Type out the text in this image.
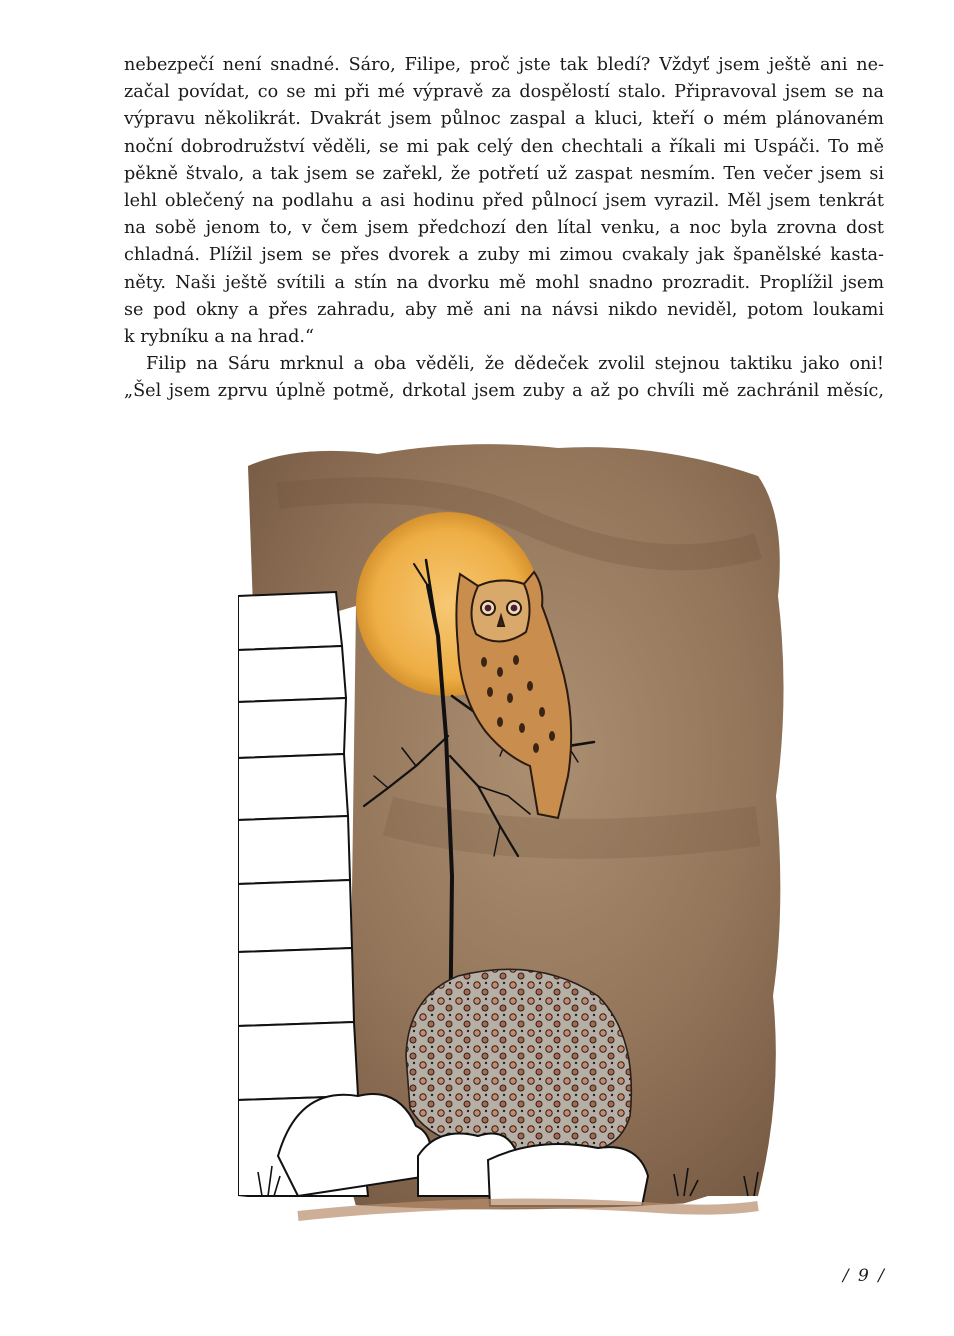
nebezpečí není snadné. Sáro, Filipe, proč jste tak bledí? Vždyť jsem ještě ani ne-
začal povídat, co se mi při mé výpravě za dospělostí stalo. Připravoval jsem se na
výpravu několikrát. Dvakrát jsem půlnoc zaspal a kluci, kteří o mém plánovaném
noční dobrodružství věděli, se mi pak celý den chechtali a říkali mi Uspáči. To mě
pěkně štvalo, a tak jsem se zařekl, že potřetí už zaspat nesmím. Ten večer jsem si
lehl oblečený na podlahu a asi hodinu před půlnocí jsem vyrazil. Měl jsem tenkrát
na sobě jenom to, v čem jsem předchozí den lítal venku, a noc byla zrovna dost
chladná. Plížil jsem se přes dvorek a zuby mi zimou cvakaly jak španělské kasta-
něty. Naši ještě svítili a stín na dvorku mě mohl snadno prozradit. Proplížil jsem
se pod okny a přes zahradu, aby mě ani na návsi nikdo neviděl, potom loukami
k rybníku a na hrad.“
Filip na Sáru mrknul a oba věděli, že dědeček zvolil stejnou taktiku jako oni!
„Šel jsem zprvu úplně potmě, drkotal jsem zuby a až po chvíli mě zachránil měsíc,
/ 9 /
